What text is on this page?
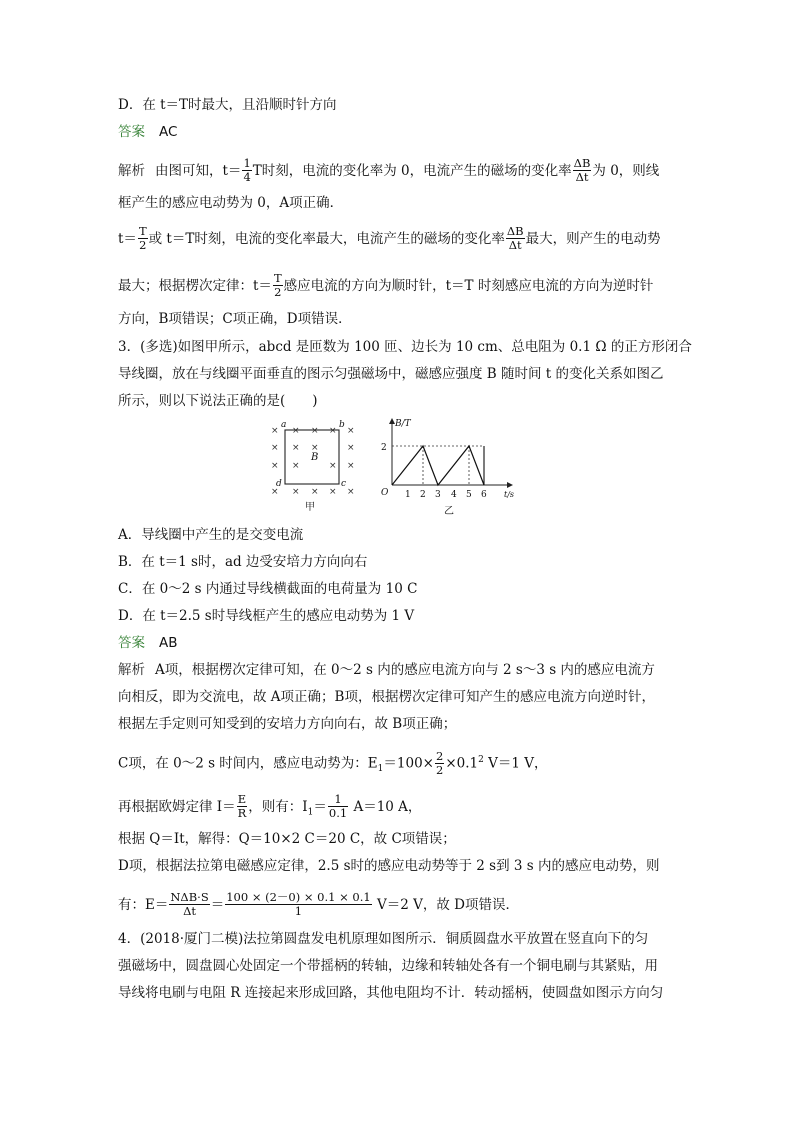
D．在 t＝T时最大，且沿顺时针方向
答案 AC
解析 由图可知，$t= \frac{1}{4}$ T时刻，电流的变化率为 0，电流产生的磁场的变化率 $\frac{\Delta B}{\Delta t}$ 为 0，则线
框产生的感应电动势为 0，A项正确．
$t= \frac{T}{2}$ 或 t＝T时刻，电流的变化率最大，电流产生的磁场的变化率 $\frac{\Delta B}{\Delta t}$ 最大，则产生的电动势
最大；根据楞次定律：$t= \frac{T}{2}$ 感应电流的方向为顺时针，t＝T 时刻感应电流的方向为逆时针
方向，B项错误；C项正确，D项错误．
3．(多选)如图甲所示，abcd 是匝数为 100 匝、边长为 10 cm、总电阻为 0.1 Ω 的正方形闭合
导线圈，放在与线圈平面垂直的图示匀强磁场中，磁感应强度 B 随时间 t 的变化关系如图乙
所示，则以下说法正确的是(　　)
× × × ×
× × ×	×
× ×	× ×
× × × × ×
×
a	b
d	c
B
甲
B/T
t/s
O
2
1 2 3 4 5 6
乙
A．导线圈中产生的是交变电流
B．在 t＝1 s时，ad 边受安培力方向向右
C．在 0～2 s 内通过导线横截面的电荷量为 10 C
D．在 t＝2.5 s时导线框产生的感应电动势为 1 V
答案 AB
解析 A项，根据楞次定律可知，在 0～2 s 内的感应电流方向与 2 s～3 s 内的感应电流方
向相反，即为交流电，故 A项正确；B项，根据楞次定律可知产生的感应电流方向逆时针，
根据左手定则可知受到的安培力方向向右，故 B项正确；
C项，在 0～2 s 时间内，感应电动势为：$E_1=100\times \frac{2}{2} \times 0.1^2$ V＝1 V，
再根据欧姆定律 $I= \frac{E}{R}$ ，则有：$I_1= \frac{1}{0.1} A=10$ A，
根据 Q＝It，解得：Q＝10×2 C＝20 C，故 C项错误；
D项，根据法拉第电磁感应定律，2.5 s时的感应电动势等于 2 s到 3 s 内的感应电动势，则
有：$E= \frac{\text{NΔB·S}}{\Delta t} = \frac{100 \times (2-0) \times 0.1 \times 0.1}{1} V=2$ V，故 D项错误．
4．(2018·厦门二模)法拉第圆盘发电机原理如图所示．铜质圆盘水平放置在竖直向下的匀
强磁场中，圆盘圆心处固定一个带摇柄的转轴，边缘和转轴处各有一个铜电刷与其紧贴，用
导线将电刷与电阻 R 连接起来形成回路，其他电阻均不计．转动摇柄，使圆盘如图示方向匀
